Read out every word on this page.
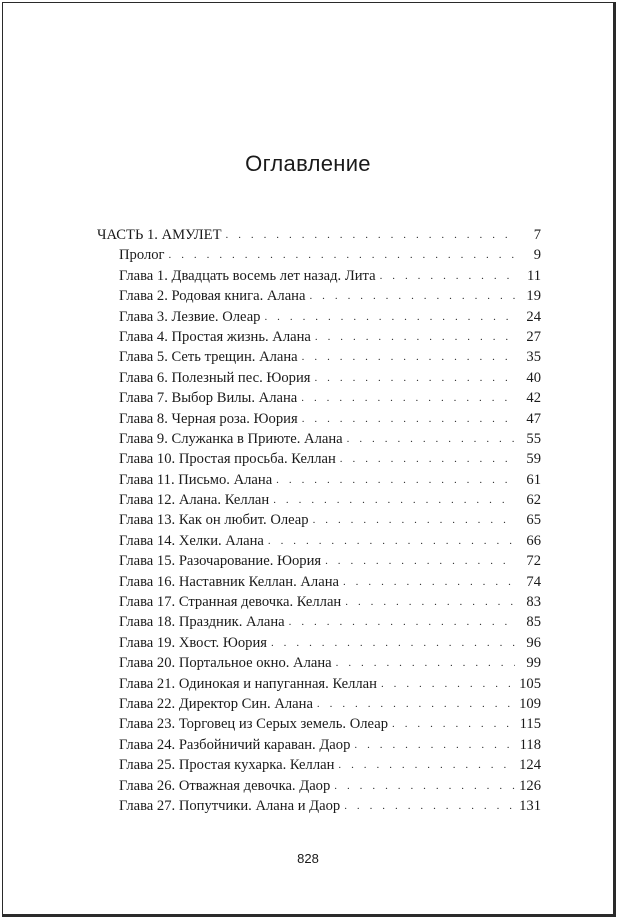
Оглавление
ЧАСТЬ 1. АМУЛЕТ . . .	7
Пролог . . .	9
Глава 1. Двадцать восемь лет назад. Лита . . .	11
Глава 2. Родовая книга. Алана . . .	19
Глава 3. Лезвие. Олеар . . .	24
Глава 4. Простая жизнь. Алана . . .	27
Глава 5. Сеть трещин. Алана . . .	35
Глава 6. Полезный пес. Юория . . .	40
Глава 7. Выбор Вилы. Алана . . .	42
Глава 8. Черная роза. Юория . . .	47
Глава 9. Служанка в Приюте. Алана . . .	55
Глава 10. Простая просьба. Келлан . . .	59
Глава 11. Письмо. Алана . . .	61
Глава 12. Алана. Келлан . . .	62
Глава 13. Как он любит. Олеар . . .	65
Глава 14. Хелки. Алана . . .	66
Глава 15. Разочарование. Юория . . .	72
Глава 16. Наставник Келлан. Алана . . .	74
Глава 17. Странная девочка. Келлан . . .	83
Глава 18. Праздник. Алана . . .	85
Глава 19. Хвост. Юория . . .	96
Глава 20. Портальное окно. Алана . . .	99
Глава 21. Одинокая и напуганная. Келлан . . .	105
Глава 22. Директор Син. Алана . . .	109
Глава 23. Торговец из Серых земель. Олеар . . .	115
Глава 24. Разбойничий караван. Даор . . .	118
Глава 25. Простая кухарка. Келлан . . .	124
Глава 26. Отважная девочка. Даор . . .	126
Глава 27. Попутчики. Алана и Даор . . .	131
828
